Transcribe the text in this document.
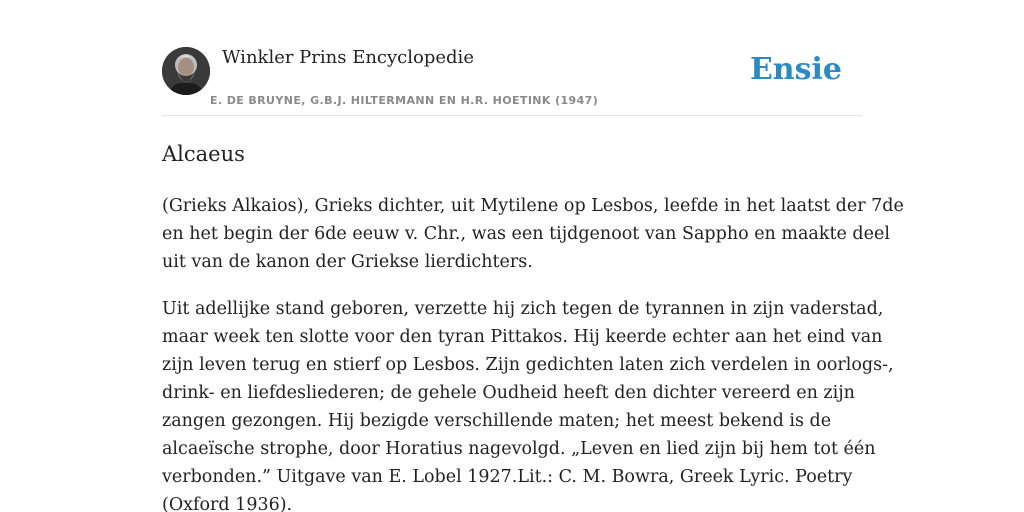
Winkler Prins Encyclopedie
E. DE BRUYNE, G.B.J. HILTERMANN EN H.R. HOETINK (1947)
Ensie
Alcaeus

(Grieks Alkaios), Grieks dichter, uit Mytilene op Lesbos, leefde in het laatst der 7de
en het begin der 6de eeuw v. Chr., was een tijdgenoot van Sappho en maakte deel
uit van de kanon der Griekse lierdichters.

Uit adellijke stand geboren, verzette hij zich tegen de tyrannen in zijn vaderstad,
maar week ten slotte voor den tyran Pittakos. Hij keerde echter aan het eind van
zijn leven terug en stierf op Lesbos. Zijn gedichten laten zich verdelen in oorlogs-,
drink- en liefdesliederen; de gehele Oudheid heeft den dichter vereerd en zijn
zangen gezongen. Hij bezigde verschillende maten; het meest bekend is de
alcaeïsche strophe, door Horatius nagevolgd. „Leven en lied zijn bij hem tot één
verbonden.” Uitgave van E. Lobel 1927.Lit.: C. M. Bowra, Greek Lyric. Poetry
(Oxford 1936).
